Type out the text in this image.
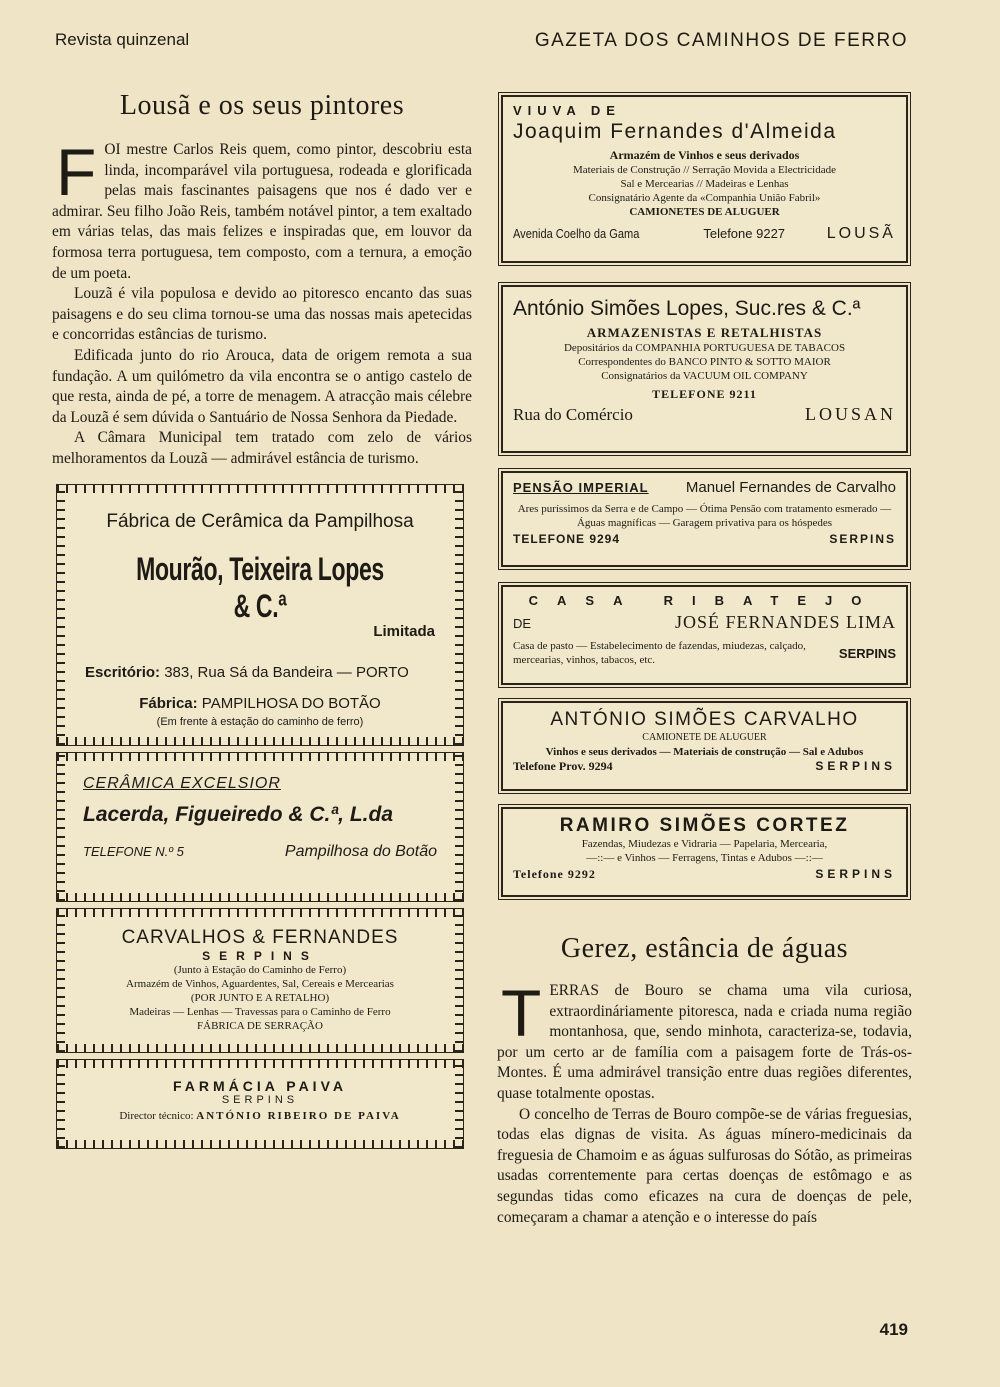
Revista quinzenal	GAZETA DOS CAMINHOS DE FERRO
Lousã e os seus pintores

FOI mestre Carlos Reis quem, como pintor, descobriu esta linda, incomparável vila portuguesa, rodeada e glorificada pelas mais fascinantes paisagens que nos é dado ver e admirar. Seu filho João Reis, também notável pintor, a tem exaltado em várias telas, das mais felizes e inspiradas que, em louvor da formosa terra portuguesa, tem composto, com a ternura, a emoção de um poeta.

Louzã é vila populosa e devido ao pitoresco encanto das suas paisagens e do seu clima tornou-se uma das nossas mais apetecidas e concorridas estâncias de turismo.

Edificada junto do rio Arouca, data de origem remota a sua fundação. A um quilómetro da vila encontra se o antigo castelo de que resta, ainda de pé, a torre de menagem. A atracção mais célebre da Louzã é sem dúvida o Santuário de Nossa Senhora da Piedade.

A Câmara Municipal tem tratado com zelo de vários melhoramentos da Louzã — admirável estância de turismo.

Fábrica de Cerâmica da Pampilhosa
Mourão, Teixeira Lopes & C.ª
Limitada
Escritório: 383, Rua Sá da Bandeira — PORTO
Fábrica: PAMPILHOSA DO BOTÃO
(Em frente à estação do caminho de ferro)
CERÂMICA EXCELSIOR
Lacerda, Figueiredo & C.ª, L.da
TELEFONE N.º 5	Pampilhosa do Botão
CARVALHOS & FERNANDES
SERPINS
(Junto à Estação do Caminho de Ferro)
Armazém de Vinhos, Aguardentes, Sal, Cereais e Mercearias
(POR JUNTO E A RETALHO)
Madeiras — Lenhas — Travessas para o Caminho de Ferro
FÁBRICA DE SERRAÇÃO
FARMÁCIA PAIVA
SERPINS
Director técnico: ANTÓNIO RIBEIRO DE PAIVA
VIUVA DE
Joaquim Fernandes d'Almeida
Armazém de Vinhos e seus derivados
Materiais de Construção // Serração Movida a Electricidade
Sal e Mercearias // Madeiras e Lenhas
Consignatário Agente da «Companhia União Fabril»
CAMIONETES DE ALUGUER
Avenida Coelho da Gama	Telefone 9227	LOUSÃ
António Simões Lopes, Suc.res & C.ª
ARMAZENISTAS E RETALHISTAS
Depositários da COMPANHIA PORTUGUESA DE TABACOS
Correspondentes do BANCO PINTO & SOTTO MAIOR
Consignatários da VACUUM OIL COMPANY
TELEFONE 9211
Rua do Comércio	LOUSAN
PENSÃO IMPERIAL Manuel Fernandes de Carvalho
Ares puríssimos da Serra e de Campo — Ótima Pensão com tratamento esmerado — Águas magníficas — Garagem privativa para os hóspedes
TELEFONE 9294	SERPINS
CASA RIBATEJO
DE	JOSÉ FERNANDES LIMA
Casa de pasto — Estabelecimento de fazendas, miudezas, calçado, mercearias, vinhos, tabacos, etc.	SERPINS
ANTÓNIO SIMÕES CARVALHO
CAMIONETE DE ALUGUER
Vinhos e seus derivados — Materiais de construção — Sal e Adubos
Telefone Prov. 9294	SERPINS
RAMIRO SIMÕES CORTEZ
Fazendas, Miudezas e Vidraria — Papelaria, Mercearia,
—::— e Vinhos — Ferragens, Tintas e Adubos —::—
Telefone 9292	SERPINS
Gerez, estância de águas

TERRAS de Bouro se chama uma vila curiosa, extraordináriamente pitoresca, nada e criada numa região montanhosa, que, sendo minhota, caracteriza-se, todavia, por um certo ar de família com a paisagem forte de Trás-os-Montes. É uma admirável transição entre duas regiões diferentes, quase totalmente opostas.

O concelho de Terras de Bouro compõe-se de várias freguesias, todas elas dignas de visita. As águas mínero-medicinais da freguesia de Chamoim e as águas sulfurosas do Sótão, as primeiras usadas correntemente para certas doenças de estômago e as segundas tidas como eficazes na cura de doenças de pele, começaram a chamar a atenção e o interesse do país

419
